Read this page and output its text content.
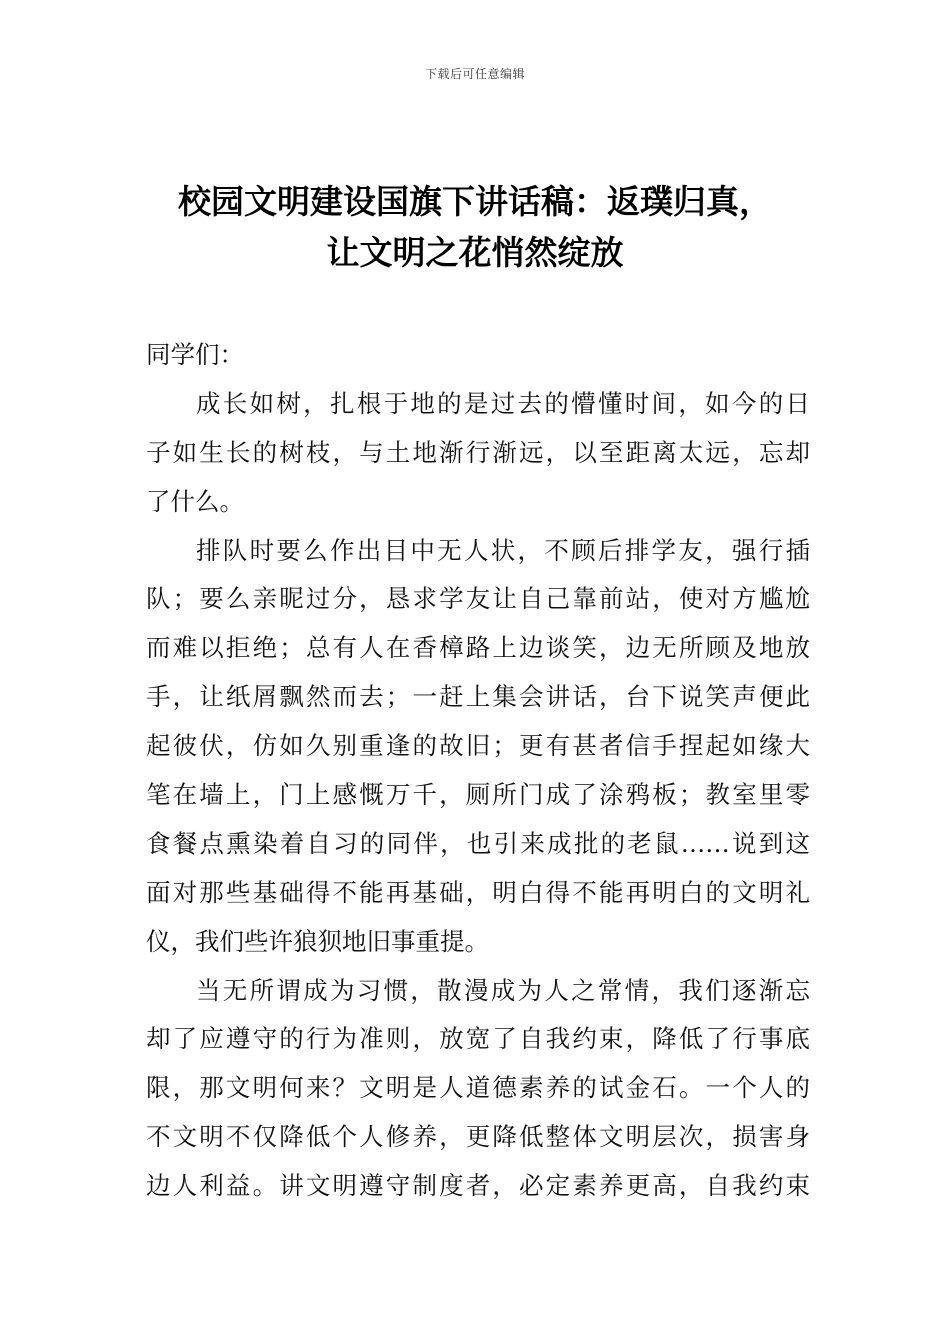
下载后可任意编辑
校园文明建设国旗下讲话稿：返璞归真，
让文明之花悄然绽放
同学们：
成长如树，扎根于地的是过去的懵懂时间，如今的日
子如生长的树枝，与土地渐行渐远，以至距离太远，忘却
了什么。
排队时要么作出目中无人状，不顾后排学友，强行插
队；要么亲昵过分，恳求学友让自己靠前站，使对方尴尬
而难以拒绝；总有人在香樟路上边谈笑，边无所顾及地放
手，让纸屑飘然而去；一赶上集会讲话，台下说笑声便此
起彼伏，仿如久别重逢的故旧；更有甚者信手捏起如缘大
笔在墙上，门上感慨万千，厕所门成了涂鸦板；教室里零
食餐点熏染着自习的同伴，也引来成批的老鼠……说到这
面对那些基础得不能再基础，明白得不能再明白的文明礼
仪，我们些许狼狈地旧事重提。
当无所谓成为习惯，散漫成为人之常情，我们逐渐忘
却了应遵守的行为准则，放宽了自我约束，降低了行事底
限，那文明何来？文明是人道德素养的试金石。一个人的
不文明不仅降低个人修养，更降低整体文明层次，损害身
边人利益。讲文明遵守制度者，必定素养更高，自我约束
